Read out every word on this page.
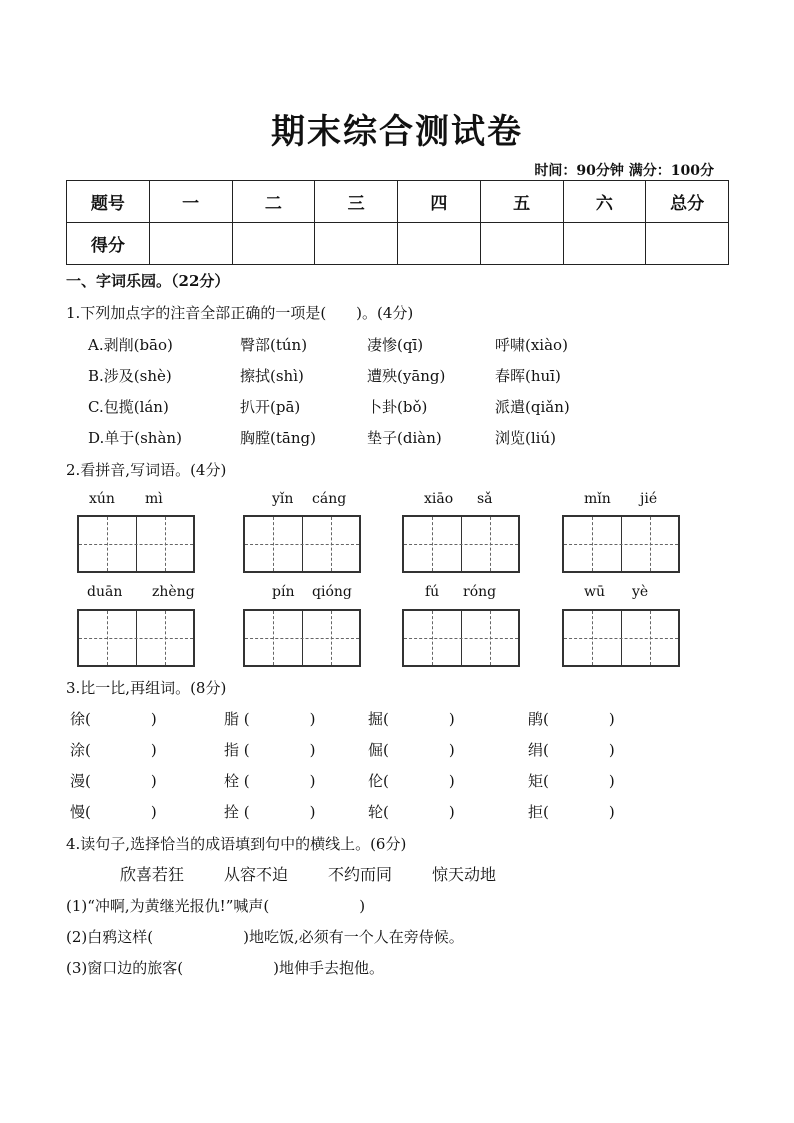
期末综合测试卷
时间：90分钟 满分：100分
题号	一	二	三	四	五	六	总分
得分							
一、字词乐园。（22分）
1.下列加点字的注音全部正确的一项是(　　)。(4分)
A.剥削(bāo)	臀部(tún)	凄惨(qī)	呼啸(xiào)
B.涉及(shè)	擦拭(shì)	遭殃(yāng)	春晖(huī)
C.包揽(lán)	扒开(pā)	卜卦(bǒ)	派遣(qiǎn)
D.单于(shàn)	胸膛(tāng)	垫子(diàn)	浏览(liú)
2.看拼音,写词语。(4分)
xún mì	yǐn cáng	xiāo sǎ	mǐn jié
duān zhèng	pín qióng	fú róng	wū yè
3.比一比,再组词。(8分)
徐(　　　　)	脂 (　　　　)	掘(　　　　)	鹃(　　　　)
涂(　　　　)	指 (　　　　)	倔(　　　　)	绢(　　　　)
漫(　　　　)	栓 (　　　　)	伦(　　　　)	矩(　　　　)
慢(　　　　)	拴 (　　　　)	轮(　　　　)	拒(　　　　)
4.读句子,选择恰当的成语填到句中的横线上。(6分)
欣喜若狂 从容不迫 不约而同 惊天动地
(1)“冲啊,为黄继光报仇!”喊声(　　　　　　)
(2)白鸦这样(　　　　　　)地吃饭,必须有一个人在旁侍候。
(3)窗口边的旅客(　　　　　　)地伸手去抱他。
